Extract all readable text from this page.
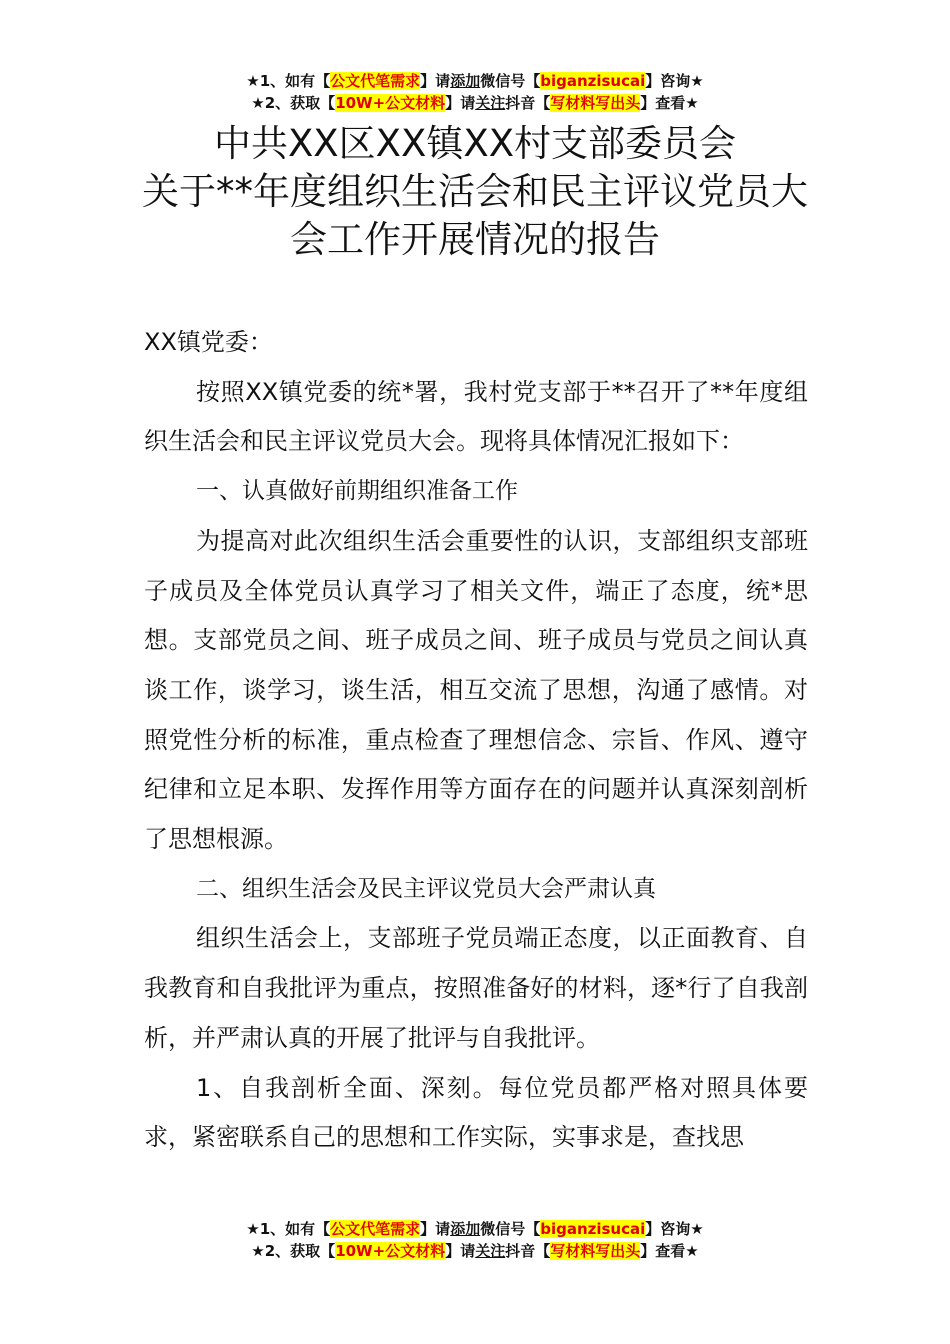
★1、如有【公文代笔需求】请添加微信号【biganzisucai】咨询★
★2、获取【10W+公文材料】请关注抖音【写材料写出头】查看★
中共XX区XX镇XX村支部委员会
关于**年度组织生活会和民主评议党员大
会工作开展情况的报告

XX镇党委：

按照XX镇党委的统*署，我村党支部于**召开了**年度组织生活会和民主评议党员大会。现将具体情况汇报如下：

一、认真做好前期组织准备工作

为提高对此次组织生活会重要性的认识，支部组织支部班子成员及全体党员认真学习了相关文件，端正了态度，统*思想。支部党员之间、班子成员之间、班子成员与党员之间认真谈工作，谈学习，谈生活，相互交流了思想，沟通了感情。对照党性分析的标准，重点检查了理想信念、宗旨、作风、遵守纪律和立足本职、发挥作用等方面存在的问题并认真深刻剖析了思想根源。

二、组织生活会及民主评议党员大会严肃认真

组织生活会上，支部班子党员端正态度，以正面教育、自我教育和自我批评为重点，按照准备好的材料，逐*行了自我剖析，并严肃认真的开展了批评与自我批评。

1、自我剖析全面、深刻。每位党员都严格对照具体要求，紧密联系自己的思想和工作实际，实事求是，查找思

★1、如有【公文代笔需求】请添加微信号【biganzisucai】咨询★
★2、获取【10W+公文材料】请关注抖音【写材料写出头】查看★
